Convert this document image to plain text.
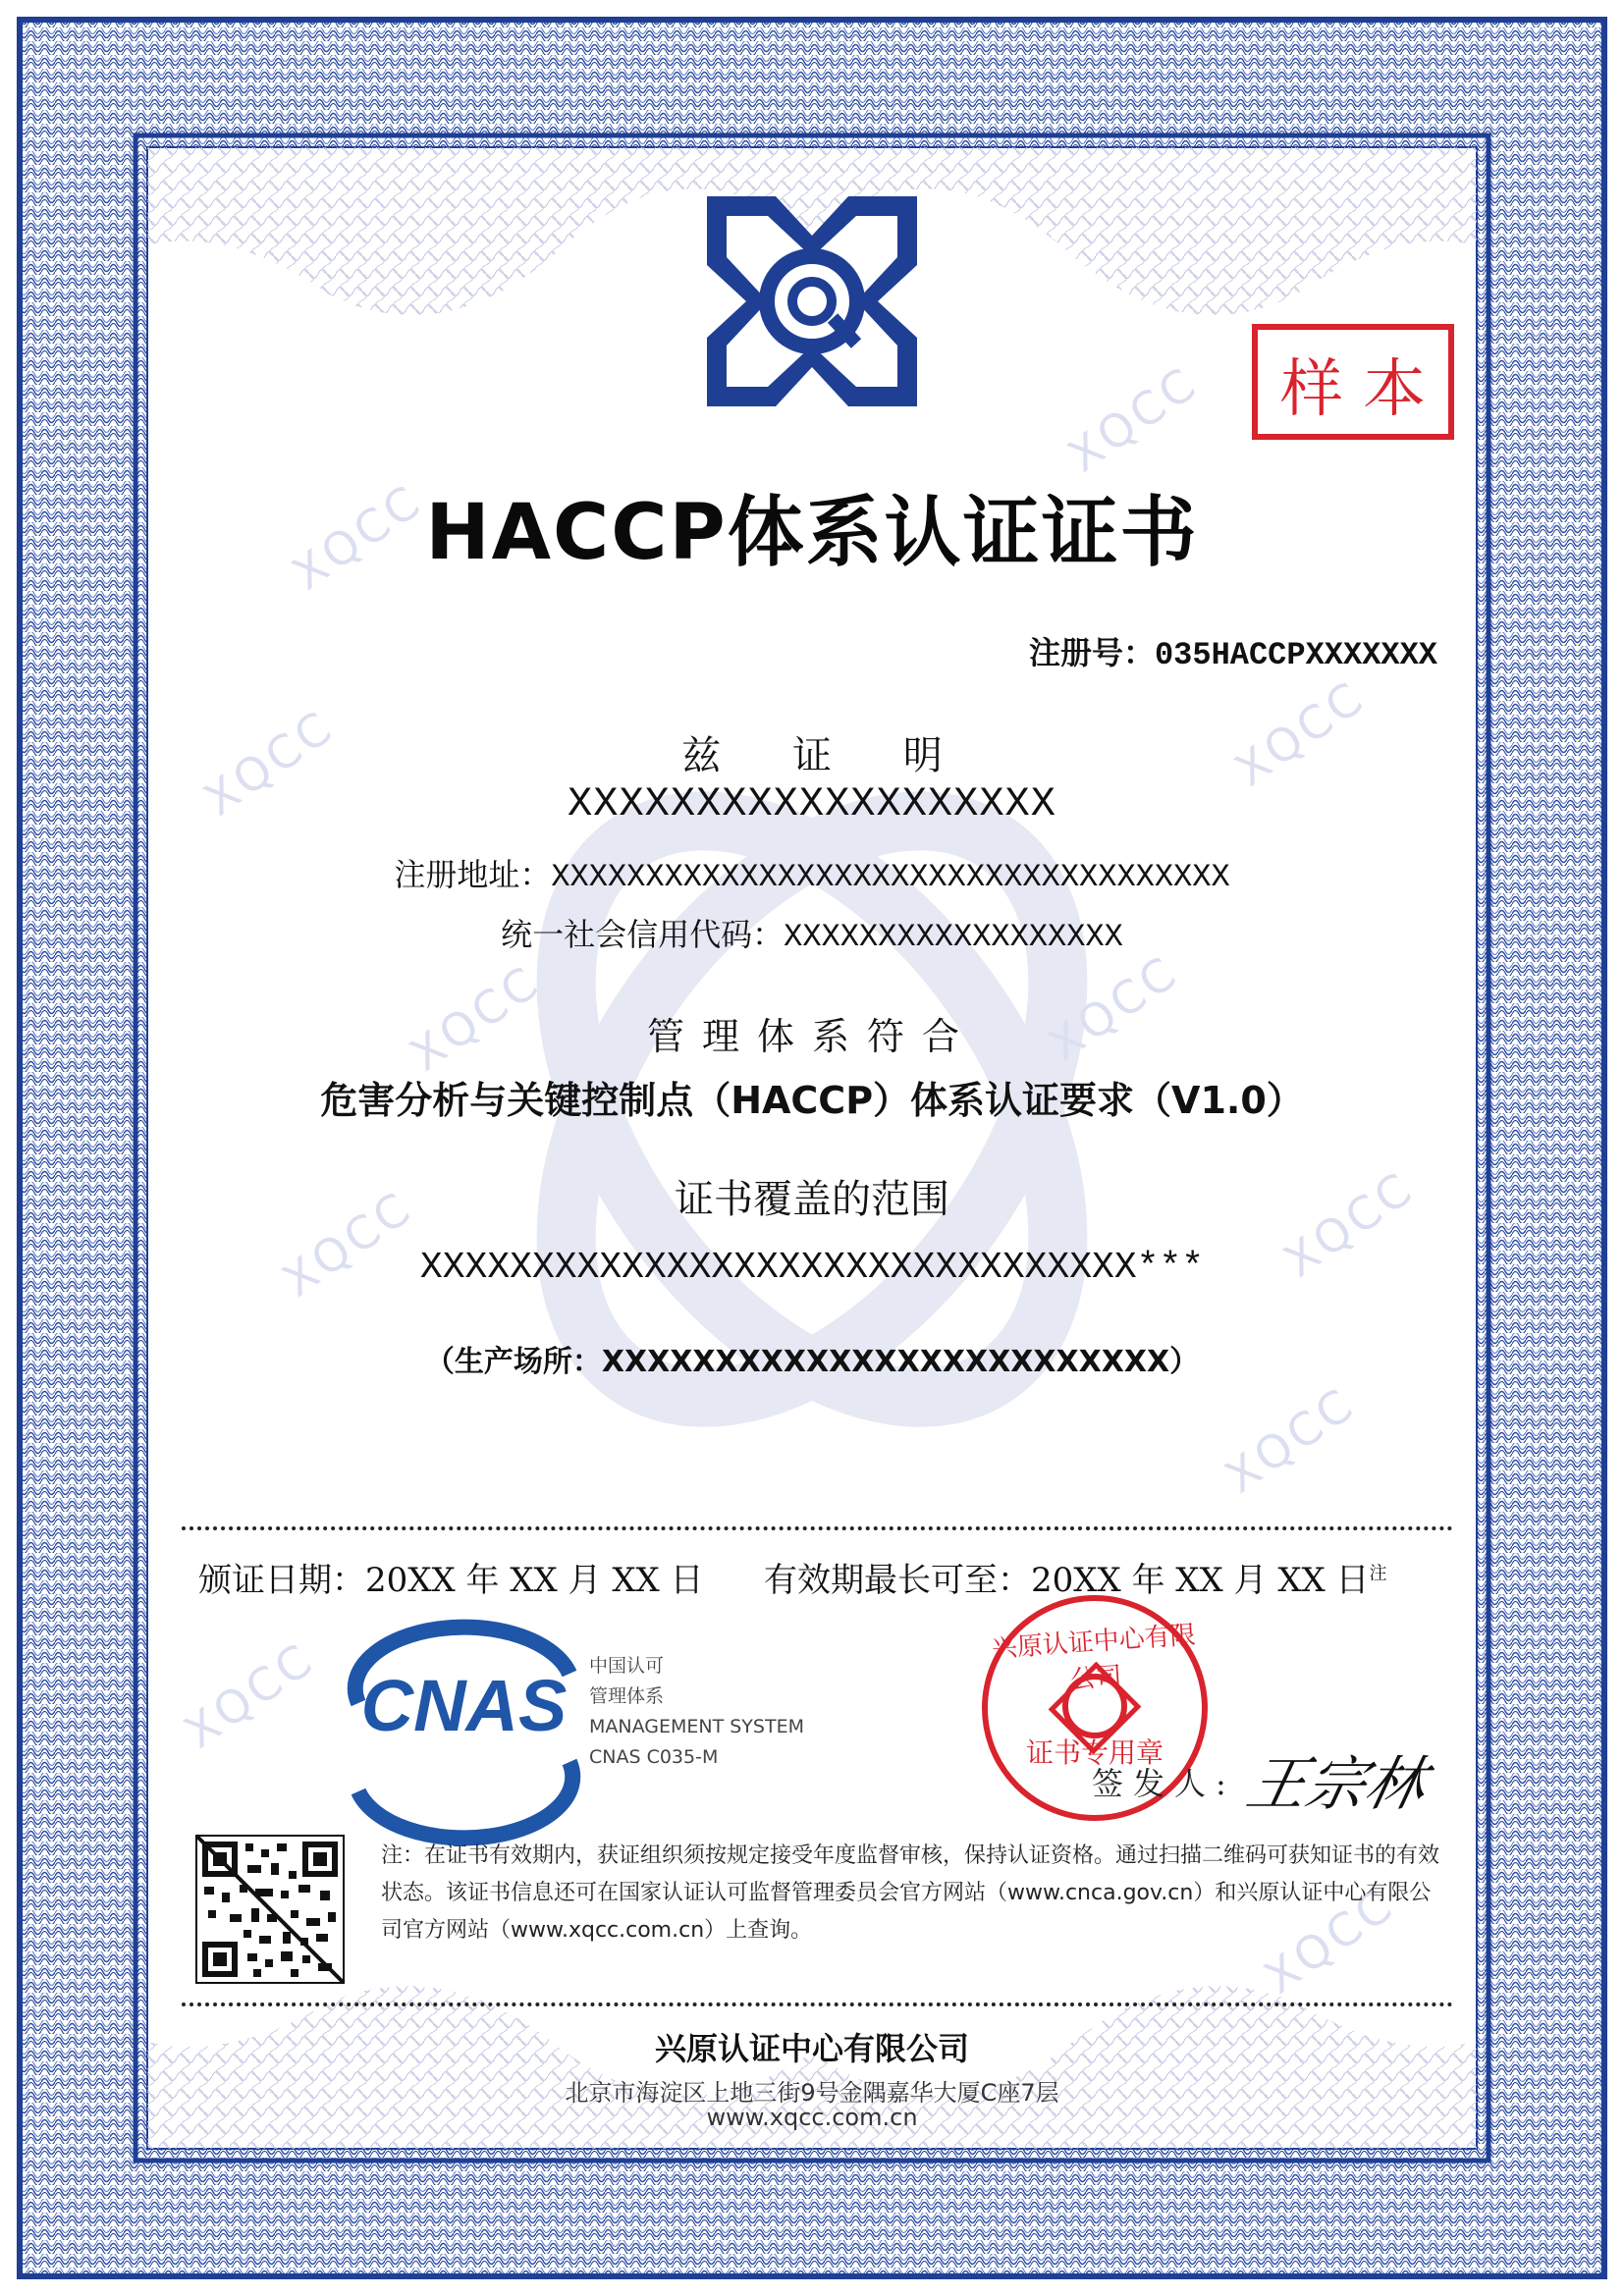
XQCC
XQCC
XQCC
XQCC
XQCC	XQCC
XQCC	XQCC
XQCC
XQCC
XQCC
样 本
HACCP体系认证证书
注册号：035HACCPXXXXXXX
兹 证 明
XXXXXXXXXXXXXXXXXXX
注册地址：XXXXXXXXXXXXXXXXXXXXXXXXXXXXXXXXXXXX
统一社会信用代码：XXXXXXXXXXXXXXXXXX
管理体系符合
危害分析与关键控制点（HACCP）体系认证要求（V1.0）
证书覆盖的范围
XXXXXXXXXXXXXXXXXXXXXXXXXXXXXXXX***
（生产场所：XXXXXXXXXXXXXXXXXXXXXXXXX）
颁证日期：20XX 年 XX 月 XX 日 有效期最长可至：20XX 年 XX 月 XX 日$^注$
CNAS	中国认可
管理体系
MANAGEMENT SYSTEM
CNAS C035-M
兴原认证中心有限公司
证书专用章
签发人: 王宗林
注：在证书有效期内，获证组织须按规定接受年度监督审核，保持认证资格。通过扫描二维码可获知证书的有效状态。该证书信息还可在国家认证认可监督管理委员会官方网站（www.cnca.gov.cn）和兴原认证中心有限公司官方网站（www.xqcc.com.cn）上查询。
兴原认证中心有限公司
北京市海淀区上地三街9号金隅嘉华大厦C座7层
www.xqcc.com.cn
